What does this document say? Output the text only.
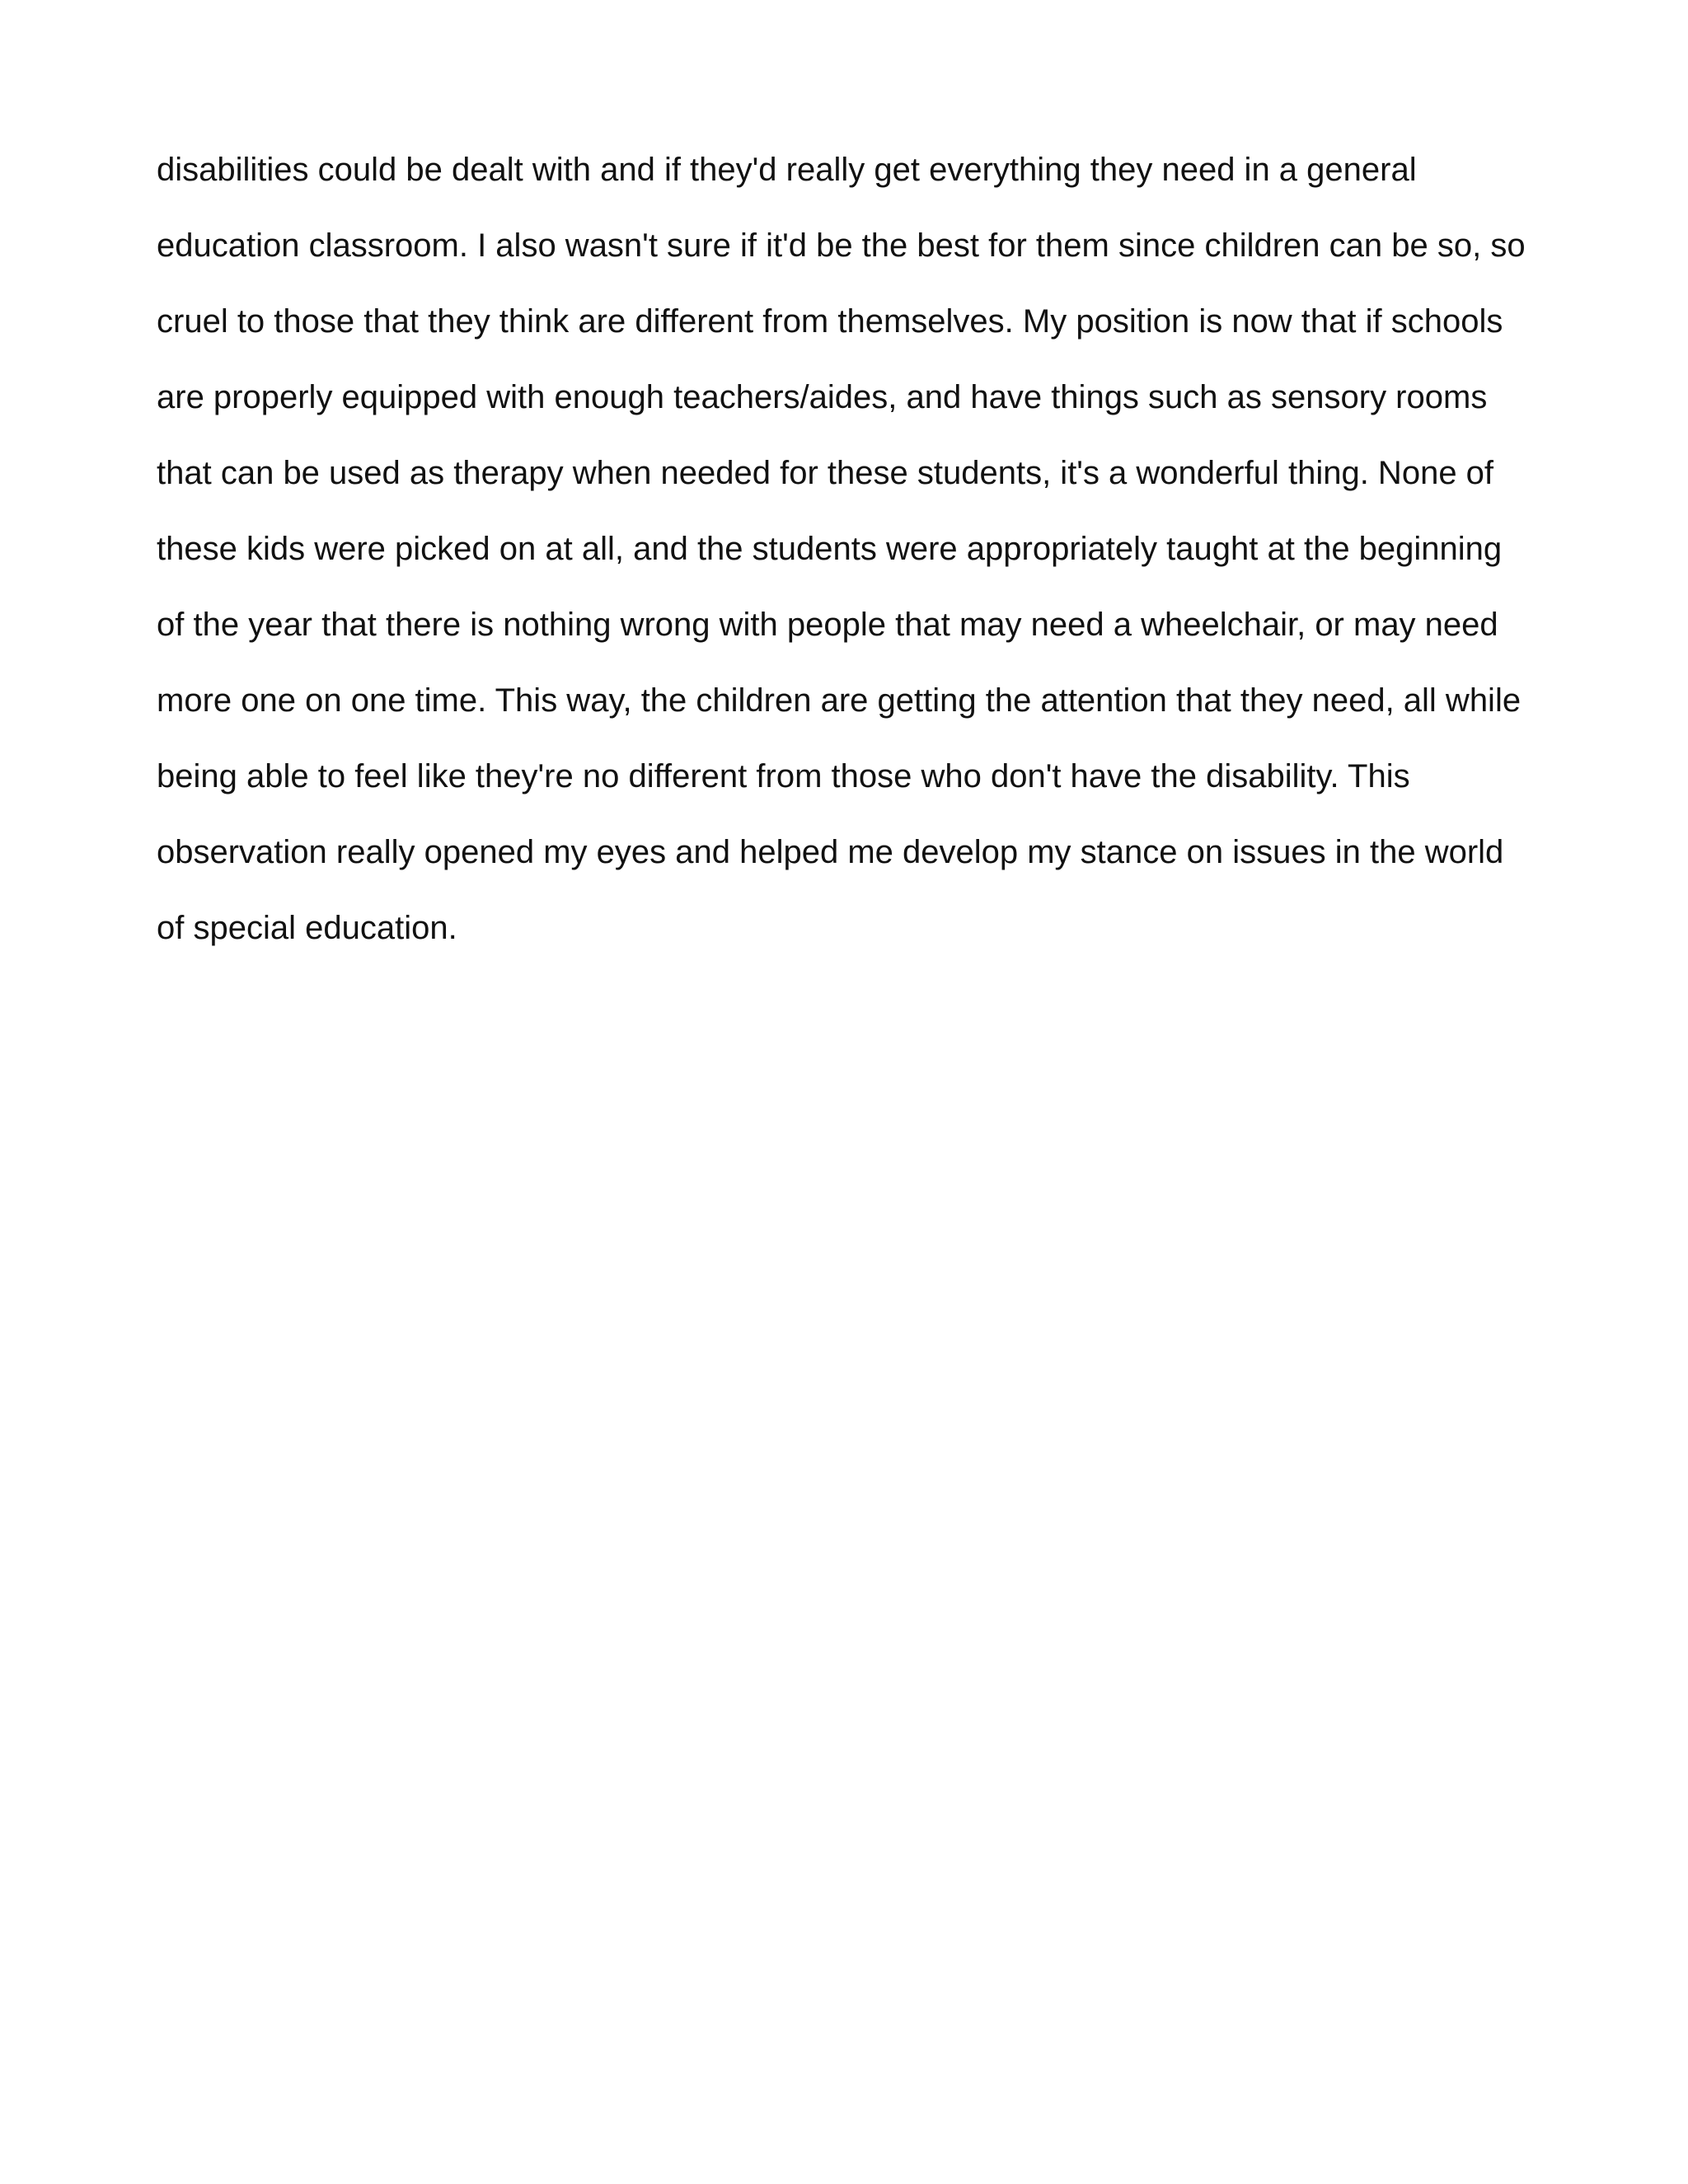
disabilities could be dealt with and if they'd really get everything they need in a general
education classroom. I also wasn't sure if it'd be the best for them since children can be so, so
cruel to those that they think are different from themselves. My position is now that if schools
are properly equipped with enough teachers/aides, and have things such as sensory rooms
that can be used as therapy when needed for these students, it's a wonderful thing. None of
these kids were picked on at all, and the students were appropriately taught at the beginning
of the year that there is nothing wrong with people that may need a wheelchair, or may need
more one on one time. This way, the children are getting the attention that they need, all while
being able to feel like they're no different from those who don't have the disability. This
observation really opened my eyes and helped me develop my stance on issues in the world
of special education.
